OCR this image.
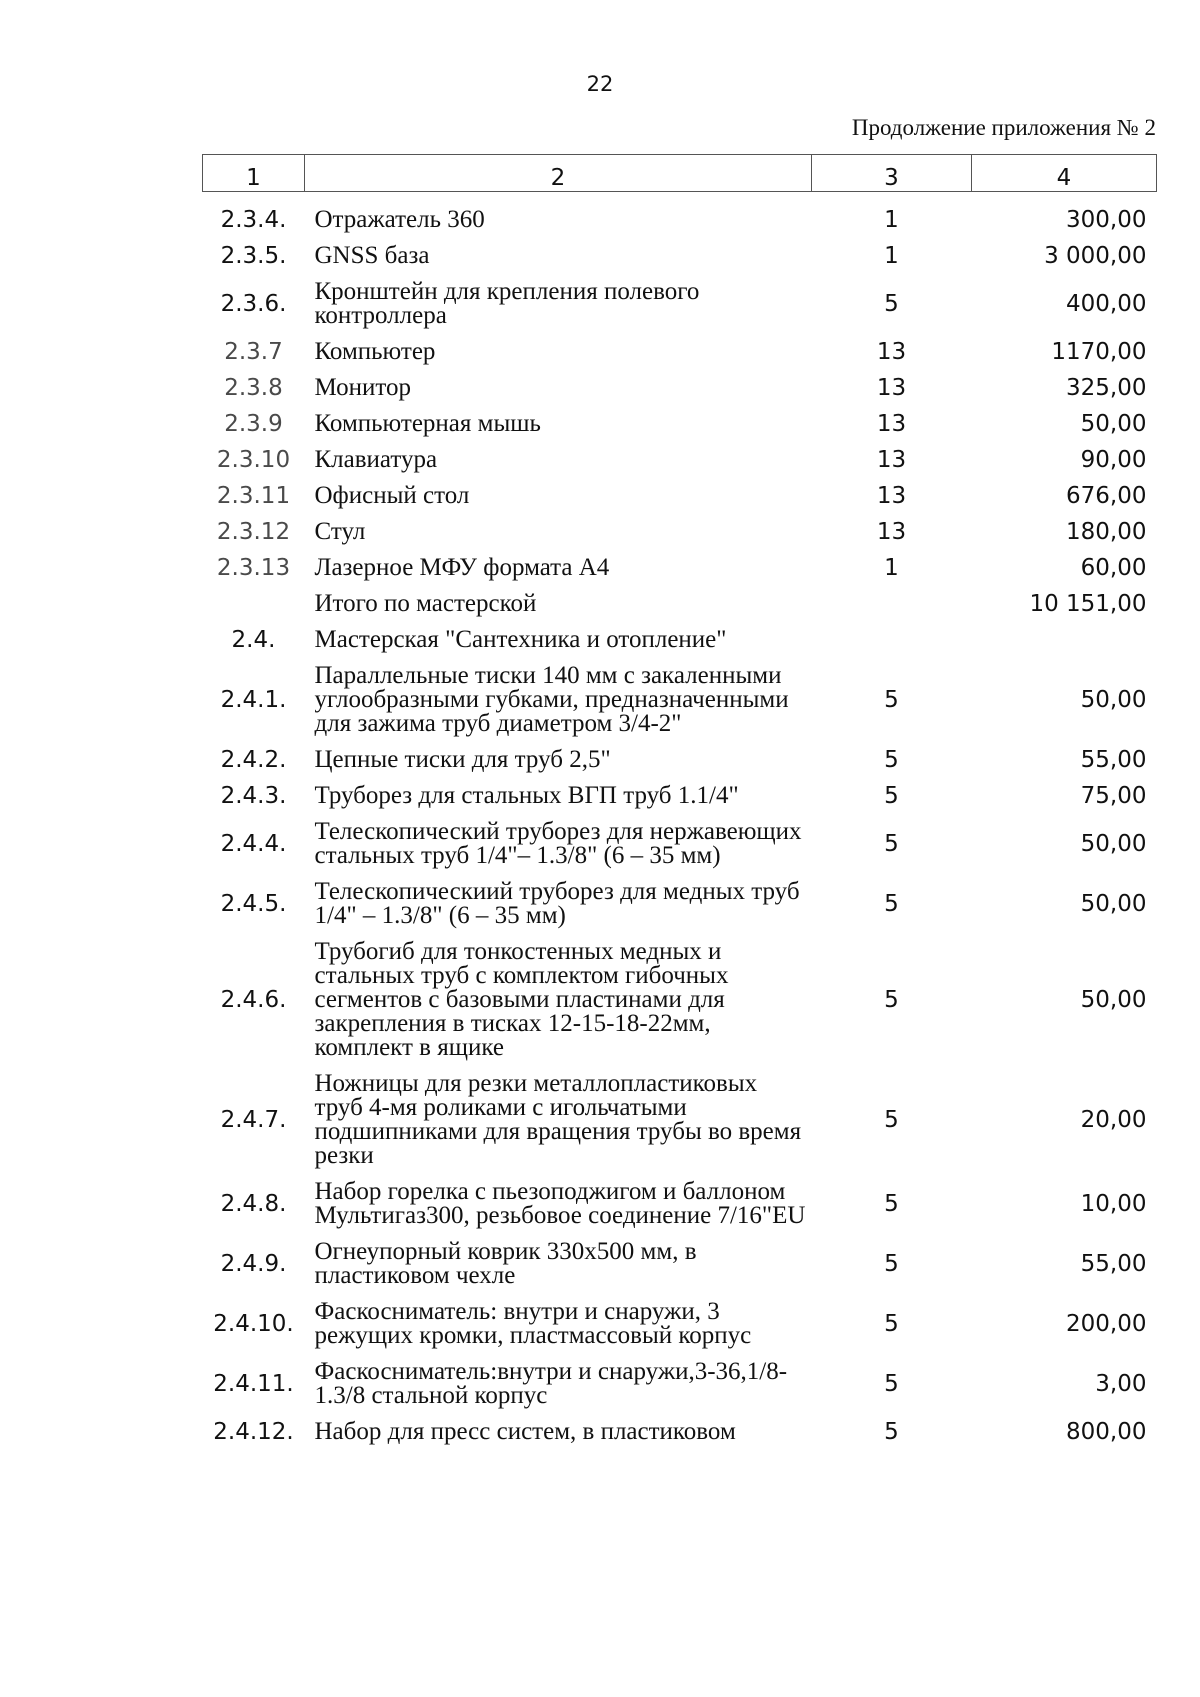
22
Продолжение приложения № 2
1	2	3	4

2.3.4.	Отражатель 360	1	300,00
2.3.5.	GNSS база	1	3 000,00
2.3.6.	Кронштейн для крепления полевого контроллера	5	400,00
2.3.7	Компьютер	13	1170,00
2.3.8	Монитор	13	325,00
2.3.9	Компьютерная мышь	13	50,00
2.3.10	Клавиатура	13	90,00
2.3.11	Офисный стол	13	676,00
2.3.12	Стул	13	180,00
2.3.13	Лазерное МФУ формата А4	1	60,00
	Итого по мастерской		10 151,00
2.4.	Мастерская "Сантехника и отопление"		
2.4.1.	Параллельные тиски 140 мм с закаленными углообразными губками, предназначенными для зажима труб диаметром 3/4-2"	5	50,00
2.4.2.	Цепные тиски для труб 2,5"	5	55,00
2.4.3.	Труборез для стальных ВГП труб 1.1/4"	5	75,00
2.4.4.	Телескопический труборез для нержавеющих стальных труб 1/4"– 1.3/8" (6 – 35 мм)	5	50,00
2.4.5.	Телескопическиий труборез для медных труб 1/4" – 1.3/8" (6 – 35 мм)	5	50,00
2.4.6.	Трубогиб для тонкостенных медных и стальных труб с комплектом гибочных сегментов с базовыми пластинами для закрепления в тисках 12-15-18-22мм, комплект в ящике	5	50,00
2.4.7.	Ножницы для резки металлопластиковых труб 4-мя роликами с игольчатыми подшипниками для вращения трубы во время резки	5	20,00
2.4.8.	Набор горелка с пьезоподжигом и баллоном Мультигаз300, резьбовое соединение 7/16"EU	5	10,00
2.4.9.	Огнеупорный коврик 330х500 мм, в пластиковом чехле	5	55,00
2.4.10.	Фаскосниматель: внутри и снаружи, 3 режущих кромки, пластмассовый корпус	5	200,00
2.4.11.	Фаскосниматель:внутри и снаружи,3-36,1/8-1.3/8 стальной корпус	5	3,00
2.4.12.	Набор для пресс систем, в пластиковом	5	800,00
